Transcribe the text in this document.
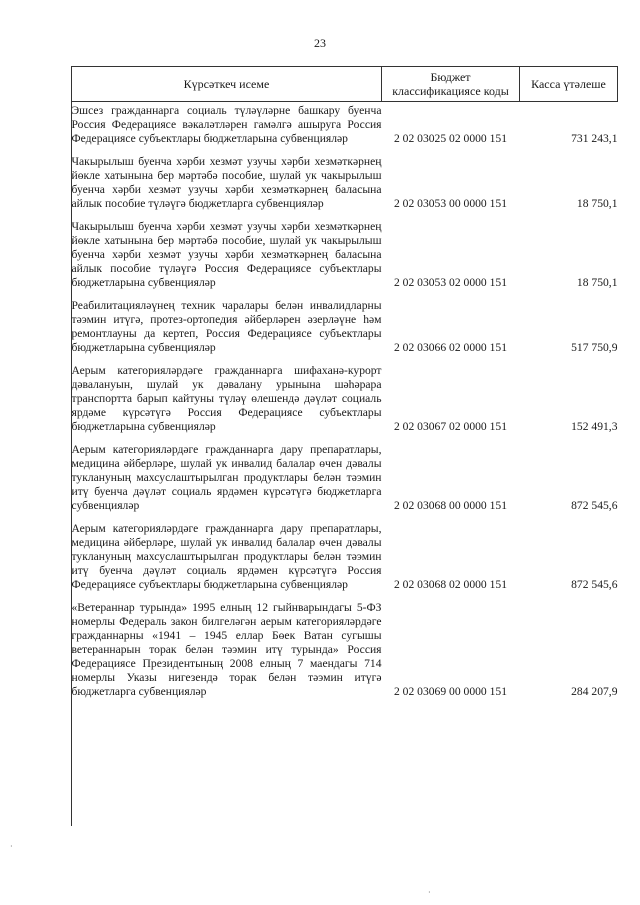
23
Күрсәткеч исеме	Бюджет классификациясе коды	Касса үтәлеше
Эшсез гражданнарга социаль түләүләрне башкару буенча Россия Федерациясе вәкаләтләрен гамәлгә ашыруга Россия Федерациясе субъектлары бюджетларына субвенцияләр	2 02 03025 02 0000 151	731 243,1
Чакырылыш буенча хәрби хезмәт узучы хәрби хезмәткәрнең йөкле хатынына бер мәртәбә пособие, шулай ук чакырылыш буенча хәрби хезмәт узучы хәрби хезмәткәрнең баласына айлык пособие түләүгә бюджетларга субвенцияләр	2 02 03053 00 0000 151	18 750,1
Чакырылыш буенча хәрби хезмәт узучы хәрби хезмәткәрнең йөкле хатынына бер мәртәбә пособие, шулай ук чакырылыш буенча хәрби хезмәт узучы хәрби хезмәткәрнең баласына айлык пособие түләүгә Россия Федерациясе субъектлары бюджетларына субвенцияләр	2 02 03053 02 0000 151	18 750,1
Реабилитацияләүнең техник чаралары белән инвалидларны тәэмин итүгә, протез-ортопедия әйберләрен әзерләүне һәм ремонтлауны да кертеп, Россия Федерациясе субъектлары бюджетларына субвенцияләр	2 02 03066 02 0000 151	517 750,9
Аерым категорияләрдәге гражданнарга шифаханә-курорт дәвалануын, шулай ук дәвалану урынына шәһәрара транспортта барып кайтуны түләү өлешендә дәүләт социаль ярдәме күрсәтүгә Россия Федерациясе субъектлары бюджетларына субвенцияләр	2 02 03067 02 0000 151	152 491,3
Аерым категорияләрдәге гражданнарга дару препаратлары, медицина әйберләре, шулай ук инвалид балалар өчен дәвалы туклануның махсуслаштырылган продуктлары белән тәэмин итү буенча дәүләт социаль ярдәмен күрсәтүгә бюджетларга субвенцияләр	2 02 03068 00 0000 151	872 545,6
Аерым категорияләрдәге гражданнарга дару препаратлары, медицина әйберләре, шулай ук инвалид балалар өчен дәвалы туклануның махсуслаштырылган продуктлары белән тәэмин итү буенча дәүләт социаль ярдәмен күрсәтүгә Россия Федерациясе субъектлары бюджетларына субвенцияләр	2 02 03068 02 0000 151	872 545,6
«Ветераннар турында» 1995 елның 12 гыйнварындагы 5-ФЗ номерлы Федераль закон билгеләгән аерым категорияләрдәге гражданнарны «1941 – 1945 еллар Бөек Ватан сугышы ветераннарын торак белән тәэмин итү турында» Россия Федерациясе Президентының 2008 елның 7 маендагы 714 номерлы Указы нигезендә торак белән тәэмин итүгә бюджетларга субвенцияләр	2 02 03069 00 0000 151	284 207,9
·
·
